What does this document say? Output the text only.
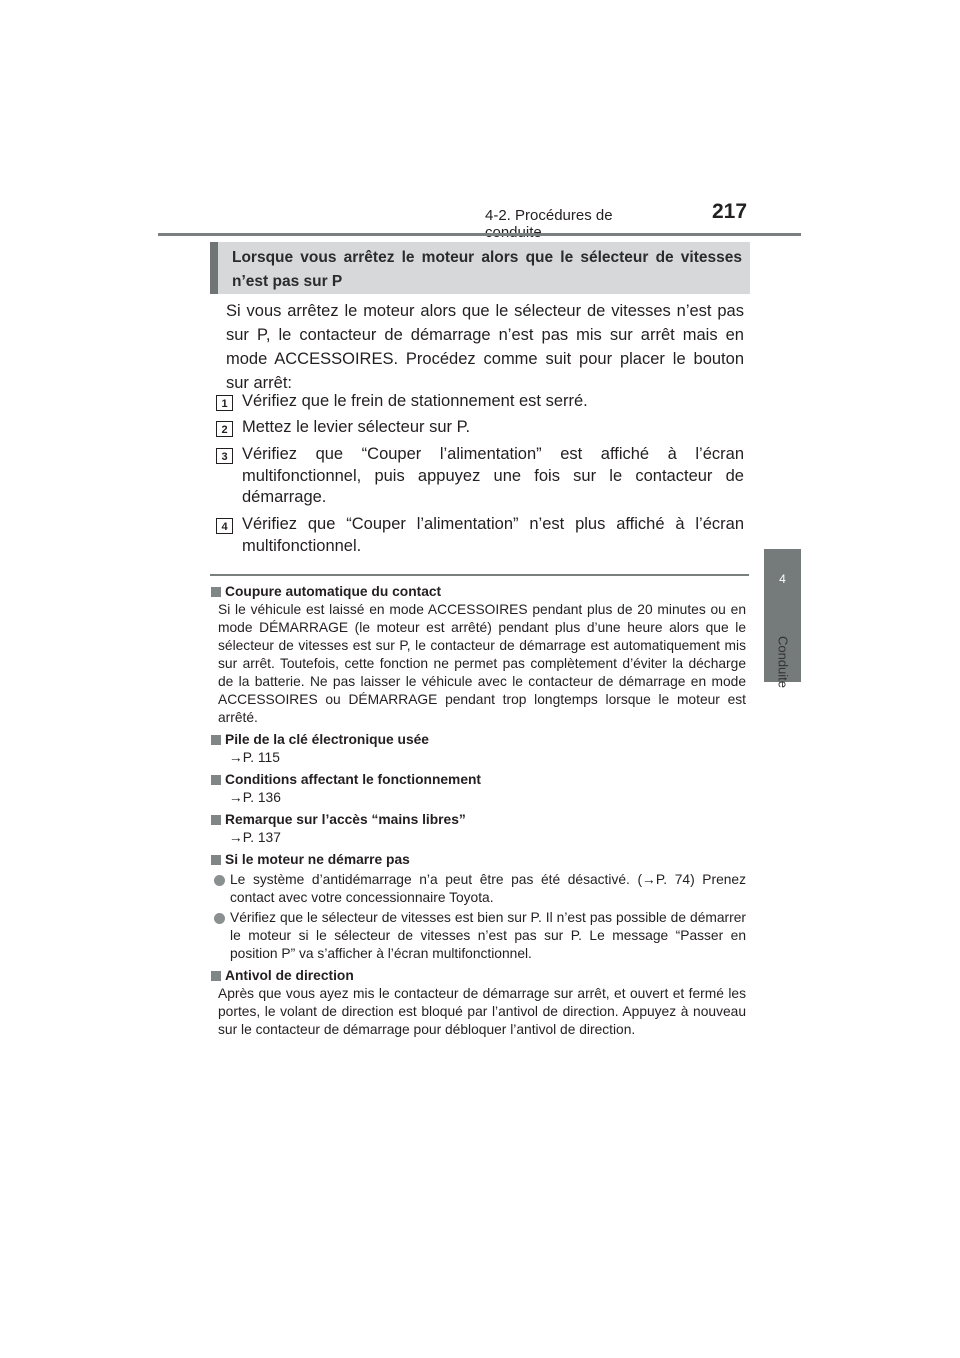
4-2. Procédures de	217
4
Conduite
Lorsque vous arrêtez le moteur alors que le sélecteur de vitesses n’est pas sur P
Si vous arrêtez le moteur alors que le sélecteur de vitesses n’est pas sur P, le contacteur de démarrage n’est pas mis sur arrêt mais en mode ACCESSOIRES. Procédez comme suit pour placer le bouton sur arrêt:
1 Vérifiez que le frein de stationnement est serré.
2 Mettez le levier sélecteur sur P.
3 Vérifiez que “Couper l’alimentation” est affiché à l’écran multifonctionnel, puis appuyez une fois sur le contacteur de démarrage.
4 Vérifiez que “Couper l’alimentation” n’est plus affiché à l’écran multifonctionnel.
Coupure automatique du contact
Si le véhicule est laissé en mode ACCESSOIRES pendant plus de 20 minutes ou en mode DÉMARRAGE (le moteur est arrêté) pendant plus d’une heure alors que le sélecteur de vitesses est sur P, le contacteur de démarrage est automatiquement mis sur arrêt. Toutefois, cette fonction ne permet pas complètement d’éviter la décharge de la batterie. Ne pas laisser le véhicule avec le contacteur de démarrage en mode ACCESSOIRES ou DÉMARRAGE pendant trop longtemps lorsque le moteur est arrêté.
Pile de la clé électronique usée
→P. 115
Conditions affectant le fonctionnement
→P. 136
Remarque sur l’accès “mains libres”
→P. 137
Si le moteur ne démarre pas
Le système d’antidémarrage n’a peut être pas été désactivé. (→P. 74) Prenez contact avec votre concessionnaire Toyota.
Vérifiez que le sélecteur de vitesses est bien sur P. Il n’est pas possible de démarrer le moteur si le sélecteur de vitesses n’est pas sur P. Le message “Passer en position P” va s’afficher à l’écran multifonctionnel.
Antivol de direction
Après que vous ayez mis le contacteur de démarrage sur arrêt, et ouvert et fermé les portes, le volant de direction est bloqué par l’antivol de direction. Appuyez à nouveau sur le contacteur de démarrage pour débloquer l’antivol de direction.
